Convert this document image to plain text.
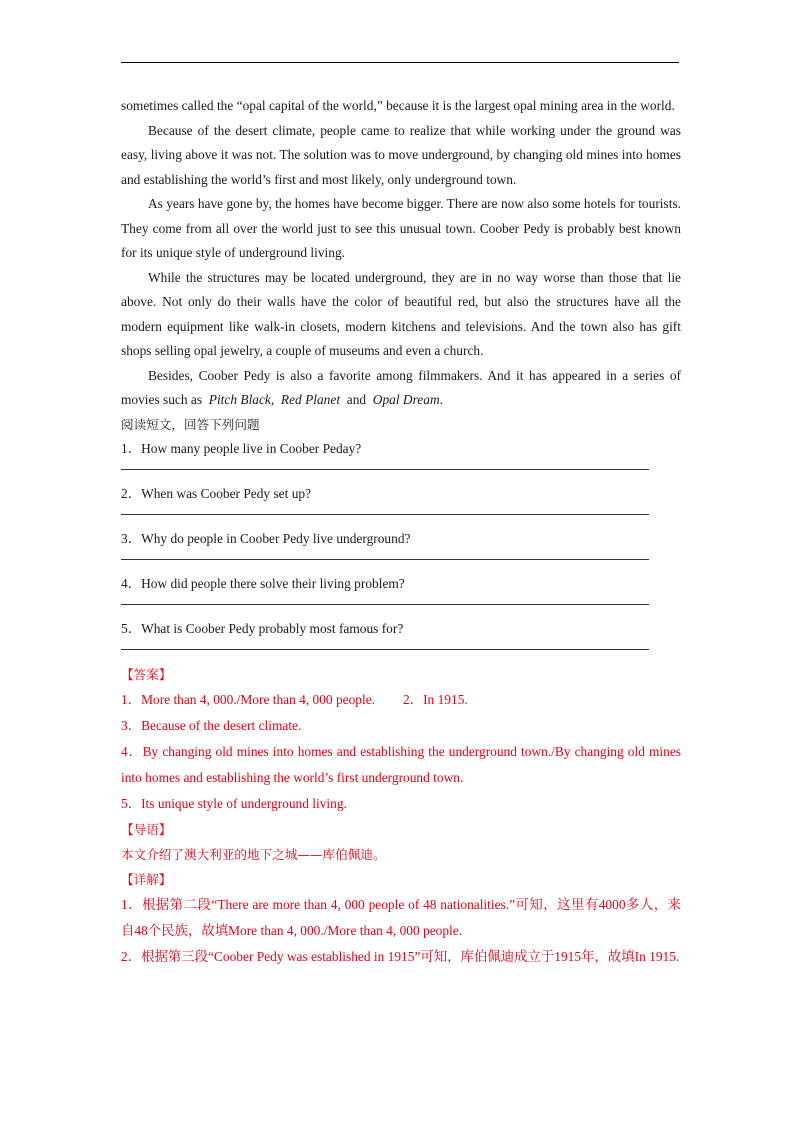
sometimes called the “opal capital of the world,” because it is the largest opal mining area in the world.

Because of the desert climate, people came to realize that while working under the ground was easy, living above it was not. The solution was to move underground, by changing old mines into homes and establishing the world’s first and most likely, only underground town.

As years have gone by, the homes have become bigger. There are now also some hotels for tourists. They come from all over the world just to see this unusual town. Coober Pedy is probably best known for its unique style of underground living.

While the structures may be located underground, they are in no way worse than those that lie above. Not only do their walls have the color of beautiful red, but also the structures have all the modern equipment like walk-in closets, modern kitchens and televisions. And the town also has gift shops selling opal jewelry, a couple of museums and even a church.

Besides, Coober Pedy is also a favorite among filmmakers. And it has appeared in a series of movies such as Pitch Black,  Red Planet and Opal Dream.

阅读短文，回答下列问题

1．How many people live in Coober Peday?

2．When was Coober Pedy set up?

3．Why do people in Coober Pedy live underground?

4．How did people there solve their living problem?

5．What is Coober Pedy probably most famous for?

【答案】

1．More than 4, 000./More than 4, 000 people. 2．In 1915.

3．Because of the desert climate.

4．By changing old mines into homes and establishing the underground town./By changing old mines into homes and establishing the world’s first underground town.

5．Its unique style of underground living.

【导语】

本文介绍了澳大利亚的地下之城——库伯佩迪。

【详解】

1．根据第二段“There are more than 4, 000 people of 48 nationalities.”可知，这里有4000多人，来自48个民族，故填More than 4, 000./More than 4, 000 people.

2．根据第三段“Coober Pedy was established in 1915”可知，库伯佩迪成立于1915年，故填In 1915.
